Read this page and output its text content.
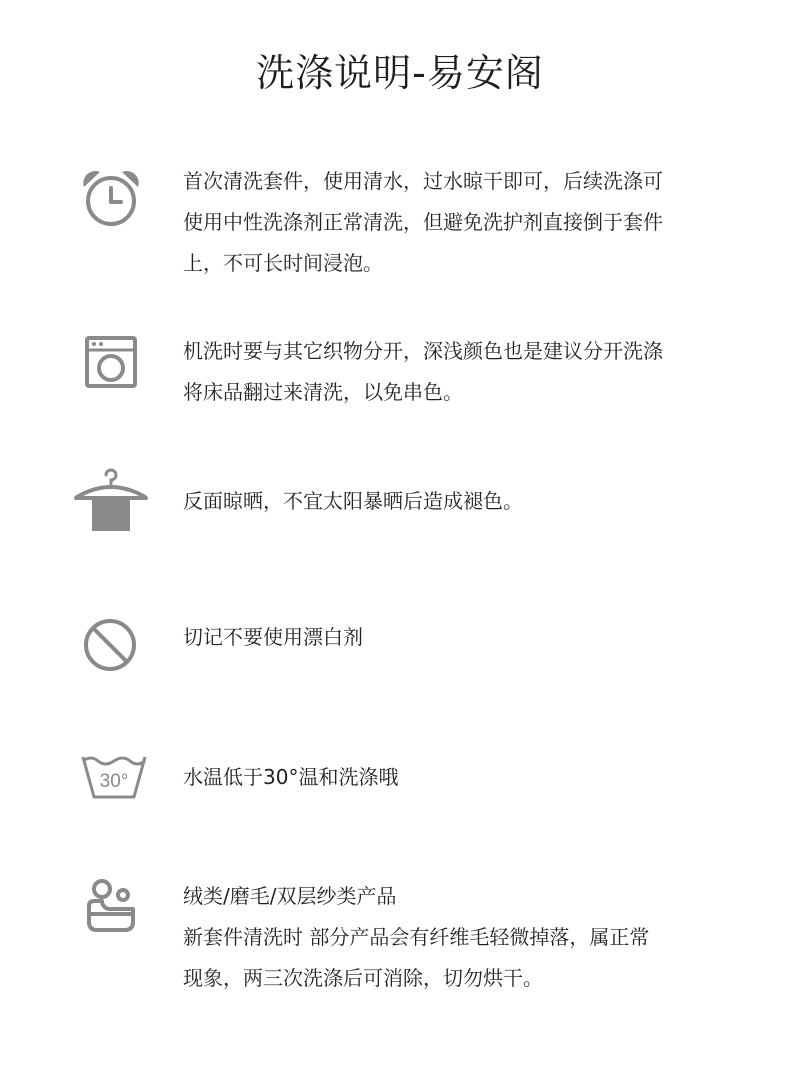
洗涤说明-易安阁

首次清洗套件，使用清水，过水晾干即可，后续洗涤可

使用中性洗涤剂正常清洗，但避免洗护剂直接倒于套件

上，不可长时间浸泡。

机洗时要与其它织物分开，深浅颜色也是建议分开洗涤

将床品翻过来清洗，以免串色。

反面晾晒，不宜太阳暴晒后造成褪色。

切记不要使用漂白剂

30°	水温低于30°温和洗涤哦

绒类/磨毛/双层纱类产品

新套件清洗时 部分产品会有纤维毛轻微掉落，属正常

现象，两三次洗涤后可消除，切勿烘干。
